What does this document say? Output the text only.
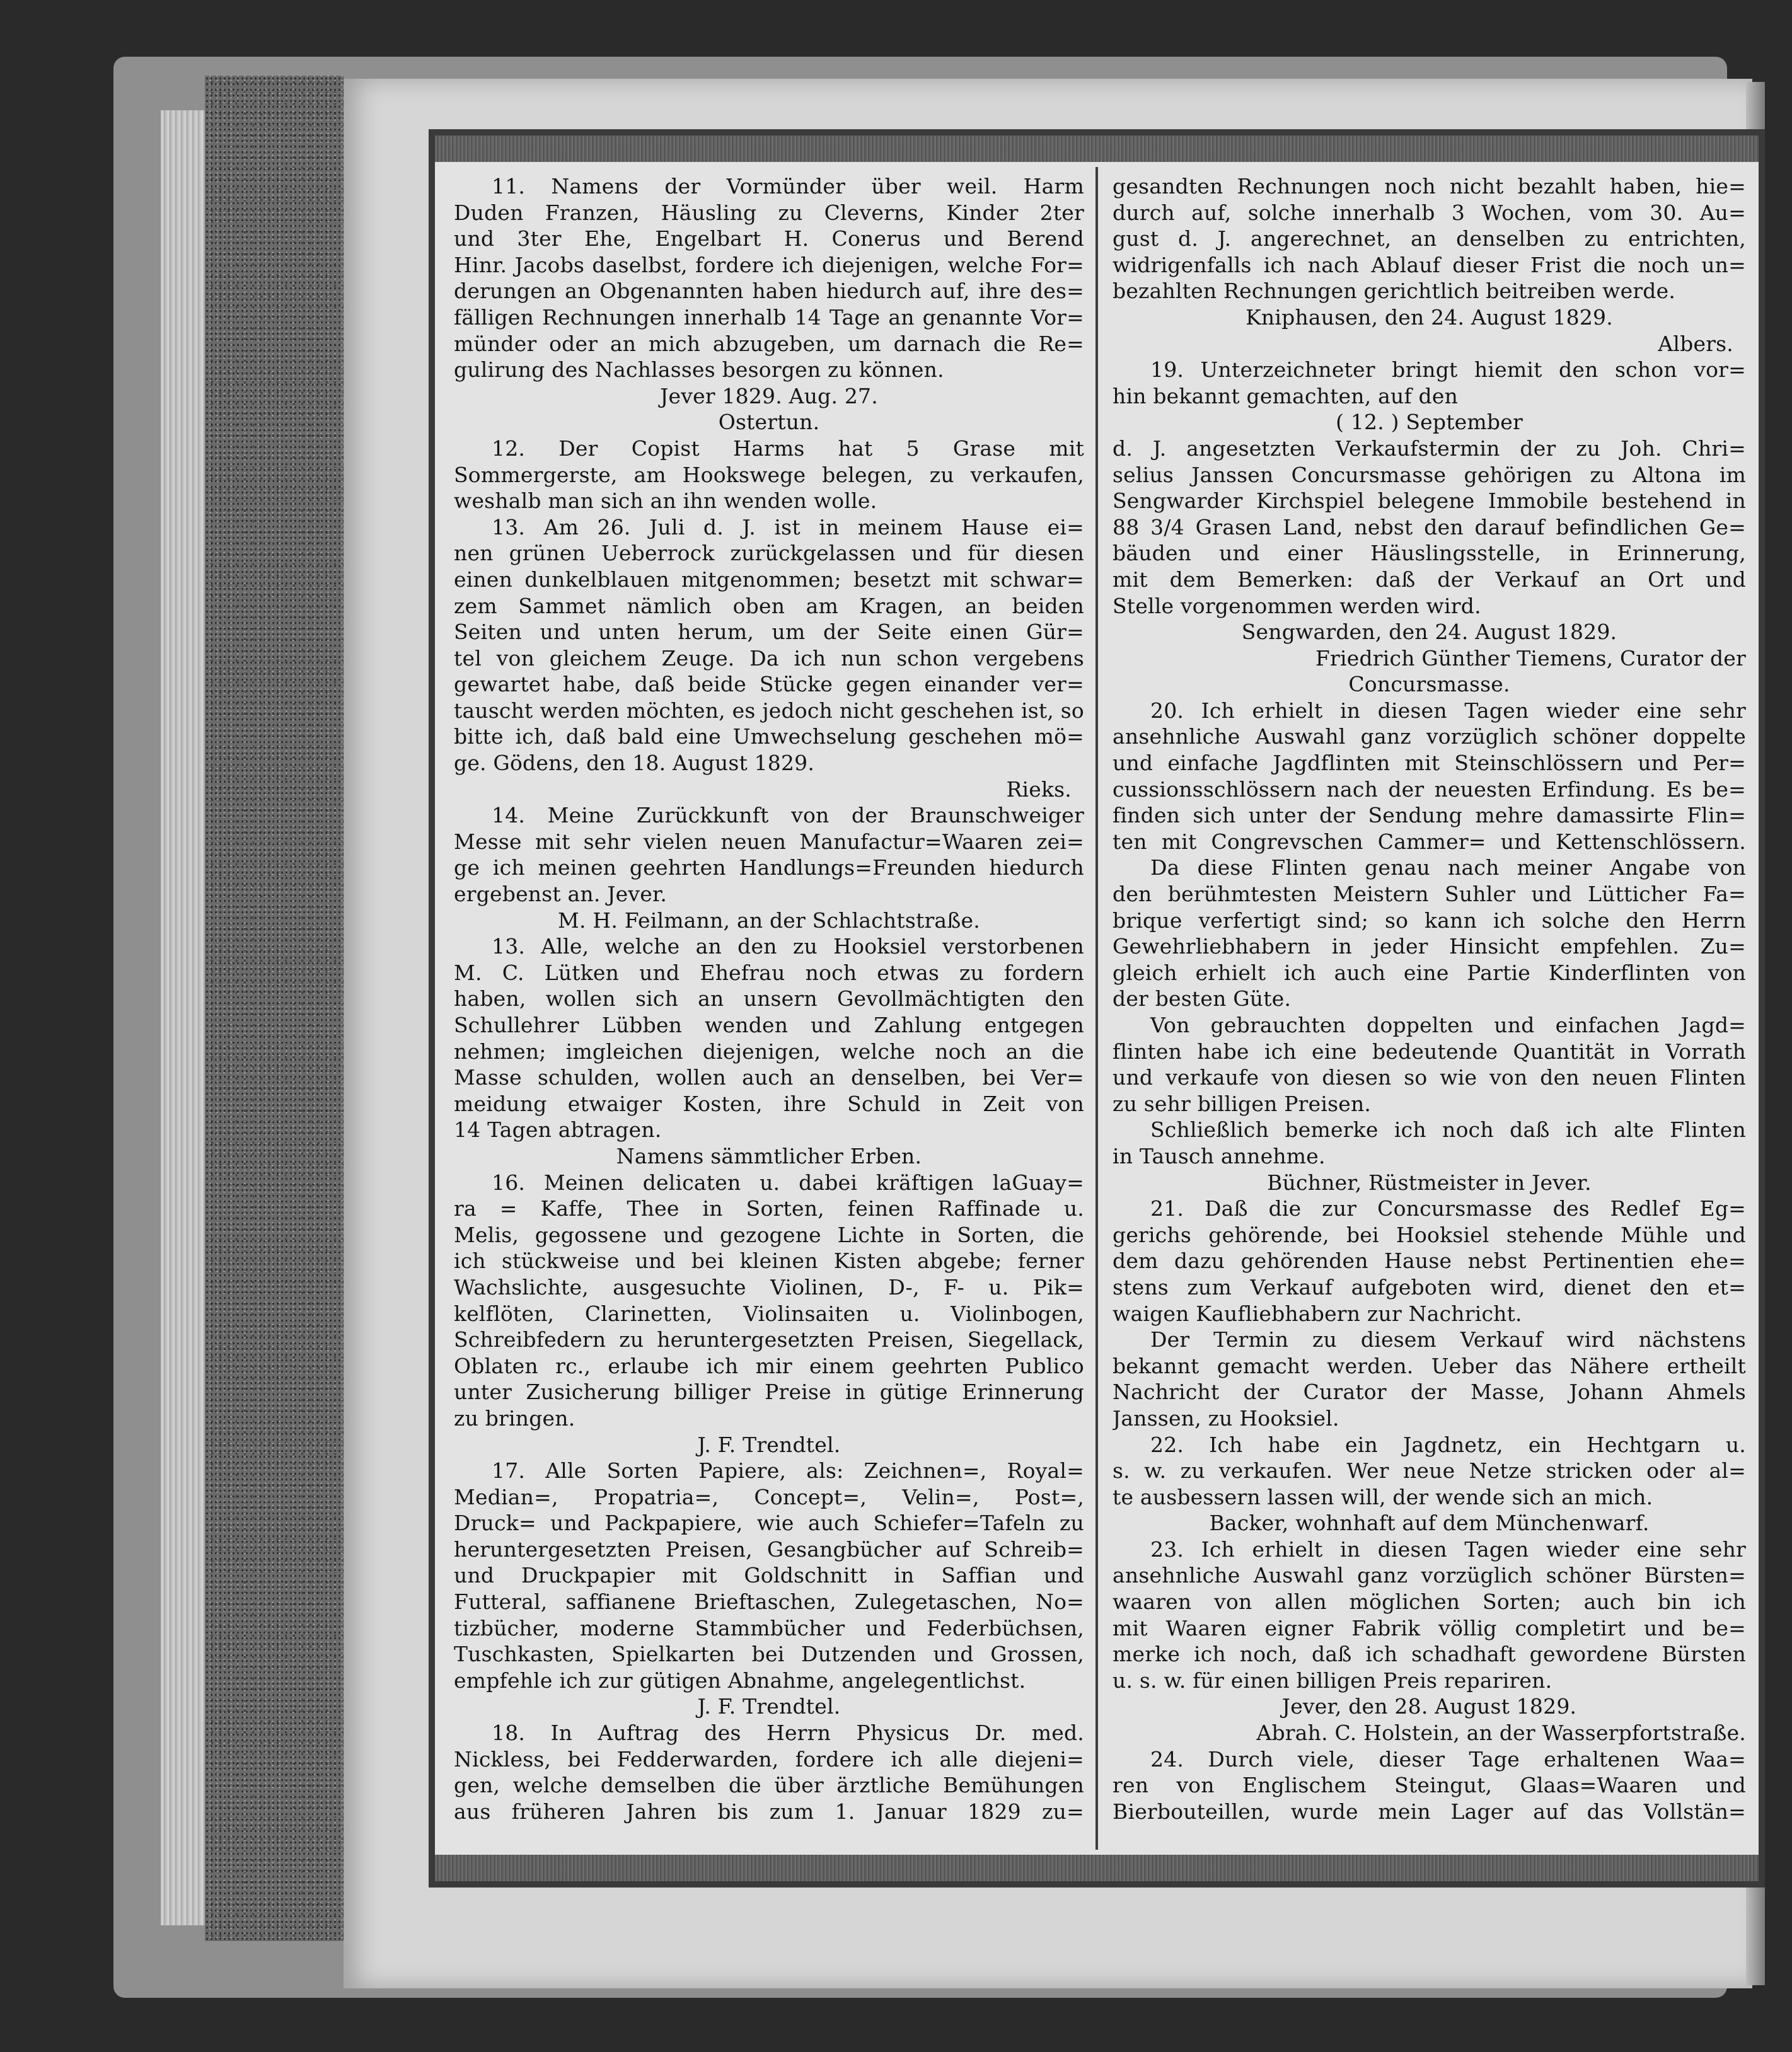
11. Namens der Vormünder über weil. Harm
Duden Franzen, Häusling zu Cleverns, Kinder 2ter
und 3ter Ehe, Engelbart H. Conerus und Berend
Hinr. Jacobs daselbst, fordere ich diejenigen, welche For=
derungen an Obgenannten haben hiedurch auf, ihre des=
fälligen Rechnungen innerhalb 14 Tage an genannte Vor=
münder oder an mich abzugeben, um darnach die Re=
gulirung des Nachlasses besorgen zu können.
Jever 1829. Aug. 27.
Ostertun.
12. Der Copist Harms hat 5 Grase mit
Sommergerste, am Hookswege belegen, zu verkaufen,
weshalb man sich an ihn wenden wolle.
13. Am 26. Juli d. J. ist in meinem Hause ei=
nen grünen Ueberrock zurückgelassen und für diesen
einen dunkelblauen mitgenommen; besetzt mit schwar=
zem Sammet nämlich oben am Kragen, an beiden
Seiten und unten herum, um der Seite einen Gür=
tel von gleichem Zeuge. Da ich nun schon vergebens
gewartet habe, daß beide Stücke gegen einander ver=
tauscht werden möchten, es jedoch nicht geschehen ist, so
bitte ich, daß bald eine Umwechselung geschehen mö=
ge. Gödens, den 18. August 1829.
Rieks.
14. Meine Zurückkunft von der Braunschweiger
Messe mit sehr vielen neuen Manufactur=Waaren zei=
ge ich meinen geehrten Handlungs=Freunden hiedurch
ergebenst an. Jever.
M. H. Feilmann, an der Schlachtstraße.
13. Alle, welche an den zu Hooksiel verstorbenen
M. C. Lütken und Ehefrau noch etwas zu fordern
haben, wollen sich an unsern Gevollmächtigten den
Schullehrer Lübben wenden und Zahlung entgegen
nehmen; imgleichen diejenigen, welche noch an die
Masse schulden, wollen auch an denselben, bei Ver=
meidung etwaiger Kosten, ihre Schuld in Zeit von
14 Tagen abtragen.
Namens sämmtlicher Erben.
16. Meinen delicaten u. dabei kräftigen laGuay=
ra = Kaffe, Thee in Sorten, feinen Raffinade u.
Melis, gegossene und gezogene Lichte in Sorten, die
ich stückweise und bei kleinen Kisten abgebe; ferner
Wachslichte, ausgesuchte Violinen, D-, F- u. Pik=
kelflöten, Clarinetten, Violinsaiten u. Violinbogen,
Schreibfedern zu heruntergesetzten Preisen, Siegellack,
Oblaten rc., erlaube ich mir einem geehrten Publico
unter Zusicherung billiger Preise in gütige Erinnerung
zu bringen.
J. F. Trendtel.
17. Alle Sorten Papiere, als: Zeichnen=, Royal=
Median=, Propatria=, Concept=, Velin=, Post=,
Druck= und Packpapiere, wie auch Schiefer=Tafeln zu
heruntergesetzten Preisen, Gesangbücher auf Schreib=
und Druckpapier mit Goldschnitt in Saffian und
Futteral, saffianene Brieftaschen, Zulegetaschen, No=
tizbücher, moderne Stammbücher und Federbüchsen,
Tuschkasten, Spielkarten bei Dutzenden und Grossen,
empfehle ich zur gütigen Abnahme, angelegentlichst.
J. F. Trendtel.
18. In Auftrag des Herrn Physicus Dr. med.
Nickless, bei Fedderwarden, fordere ich alle diejeni=
gen, welche demselben die über ärztliche Bemühungen
aus früheren Jahren bis zum 1. Januar 1829 zu=
gesandten Rechnungen noch nicht bezahlt haben, hie=
durch auf, solche innerhalb 3 Wochen, vom 30. Au=
gust d. J. angerechnet, an denselben zu entrichten,
widrigenfalls ich nach Ablauf dieser Frist die noch un=
bezahlten Rechnungen gerichtlich beitreiben werde.
Kniphausen, den 24. August 1829.
Albers.
19. Unterzeichneter bringt hiemit den schon vor=
hin bekannt gemachten, auf den
( 12. ) September
d. J. angesetzten Verkaufstermin der zu Joh. Chri=
selius Janssen Concursmasse gehörigen zu Altona im
Sengwarder Kirchspiel belegene Immobile bestehend in
88 3/4 Grasen Land, nebst den darauf befindlichen Ge=
bäuden und einer Häuslingsstelle, in Erinnerung,
mit dem Bemerken: daß der Verkauf an Ort und
Stelle vorgenommen werden wird.
Sengwarden, den 24. August 1829.
Friedrich Günther Tiemens, Curator der
Concursmasse.
20. Ich erhielt in diesen Tagen wieder eine sehr
ansehnliche Auswahl ganz vorzüglich schöner doppelte
und einfache Jagdflinten mit Steinschlössern und Per=
cussionsschlössern nach der neuesten Erfindung. Es be=
finden sich unter der Sendung mehre damassirte Flin=
ten mit Congrevschen Cammer= und Kettenschlössern.
Da diese Flinten genau nach meiner Angabe von
den berühmtesten Meistern Suhler und Lütticher Fa=
brique verfertigt sind; so kann ich solche den Herrn
Gewehrliebhabern in jeder Hinsicht empfehlen. Zu=
gleich erhielt ich auch eine Partie Kinderflinten von
der besten Güte.
Von gebrauchten doppelten und einfachen Jagd=
flinten habe ich eine bedeutende Quantität in Vorrath
und verkaufe von diesen so wie von den neuen Flinten
zu sehr billigen Preisen.
Schließlich bemerke ich noch daß ich alte Flinten
in Tausch annehme.
Büchner, Rüstmeister in Jever.
21. Daß die zur Concursmasse des Redlef Eg=
gerichs gehörende, bei Hooksiel stehende Mühle und
dem dazu gehörenden Hause nebst Pertinentien ehe=
stens zum Verkauf aufgeboten wird, dienet den et=
waigen Kaufliebhabern zur Nachricht.
Der Termin zu diesem Verkauf wird nächstens
bekannt gemacht werden. Ueber das Nähere ertheilt
Nachricht der Curator der Masse, Johann Ahmels
Janssen, zu Hooksiel.
22. Ich habe ein Jagdnetz, ein Hechtgarn u.
s. w. zu verkaufen. Wer neue Netze stricken oder al=
te ausbessern lassen will, der wende sich an mich.
Backer, wohnhaft auf dem Münchenwarf.
23. Ich erhielt in diesen Tagen wieder eine sehr
ansehnliche Auswahl ganz vorzüglich schöner Bürsten=
waaren von allen möglichen Sorten; auch bin ich
mit Waaren eigner Fabrik völlig completirt und be=
merke ich noch, daß ich schadhaft gewordene Bürsten
u. s. w. für einen billigen Preis repariren.
Jever, den 28. August 1829.
Abrah. C. Holstein, an der Wasserpfortstraße.
24. Durch viele, dieser Tage erhaltenen Waa=
ren von Englischem Steingut, Glaas=Waaren und
Bierbouteillen, wurde mein Lager auf das Vollstän=
